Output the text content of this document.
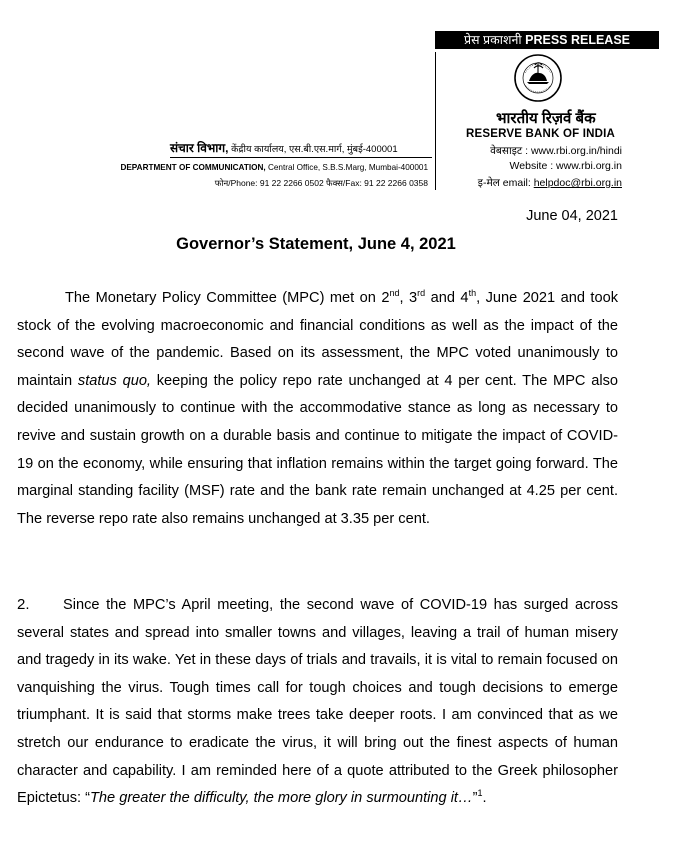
प्रेस प्रकाशनी PRESS RELEASE
भारतीय रिज़र्व बैंक
RESERVE BANK OF INDIA
वेबसाइट : www.rbi.org.in/hindi
Website : www.rbi.org.in
इ-मेल email: helpdoc@rbi.org.in
संचार विभाग, केंद्रीय कार्यालय, एस.बी.एस.मार्ग, मुंबई-400001
DEPARTMENT OF COMMUNICATION, Central Office, S.B.S.Marg, Mumbai-400001
फोन/Phone: 91 22 2266 0502 फैक्स/Fax: 91 22 2266 0358
June 04, 2021
Governor’s Statement, June 4, 2021

The Monetary Policy Committee (MPC) met on 2nd, 3rd and 4th, June 2021 and took stock of the evolving macroeconomic and financial conditions as well as the impact of the second wave of the pandemic. Based on its assessment, the MPC voted unanimously to maintain status quo, keeping the policy repo rate unchanged at 4 per cent. The MPC also decided unanimously to continue with the accommodative stance as long as necessary to revive and sustain growth on a durable basis and continue to mitigate the impact of COVID-19 on the economy, while ensuring that inflation remains within the target going forward. The marginal standing facility (MSF) rate and the bank rate remain unchanged at 4.25 per cent. The reverse repo rate also remains unchanged at 3.35 per cent.

2. Since the MPC’s April meeting, the second wave of COVID-19 has surged across several states and spread into smaller towns and villages, leaving a trail of human misery and tragedy in its wake. Yet in these days of trials and travails, it is vital to remain focused on vanquishing the virus. Tough times call for tough choices and tough decisions to emerge triumphant. It is said that storms make trees take deeper roots. I am convinced that as we stretch our endurance to eradicate the virus, it will bring out the finest aspects of human character and capability. I am reminded here of a quote attributed to the Greek philosopher Epictetus: “The greater the difficulty, the more glory in surmounting it…”$^1$.
